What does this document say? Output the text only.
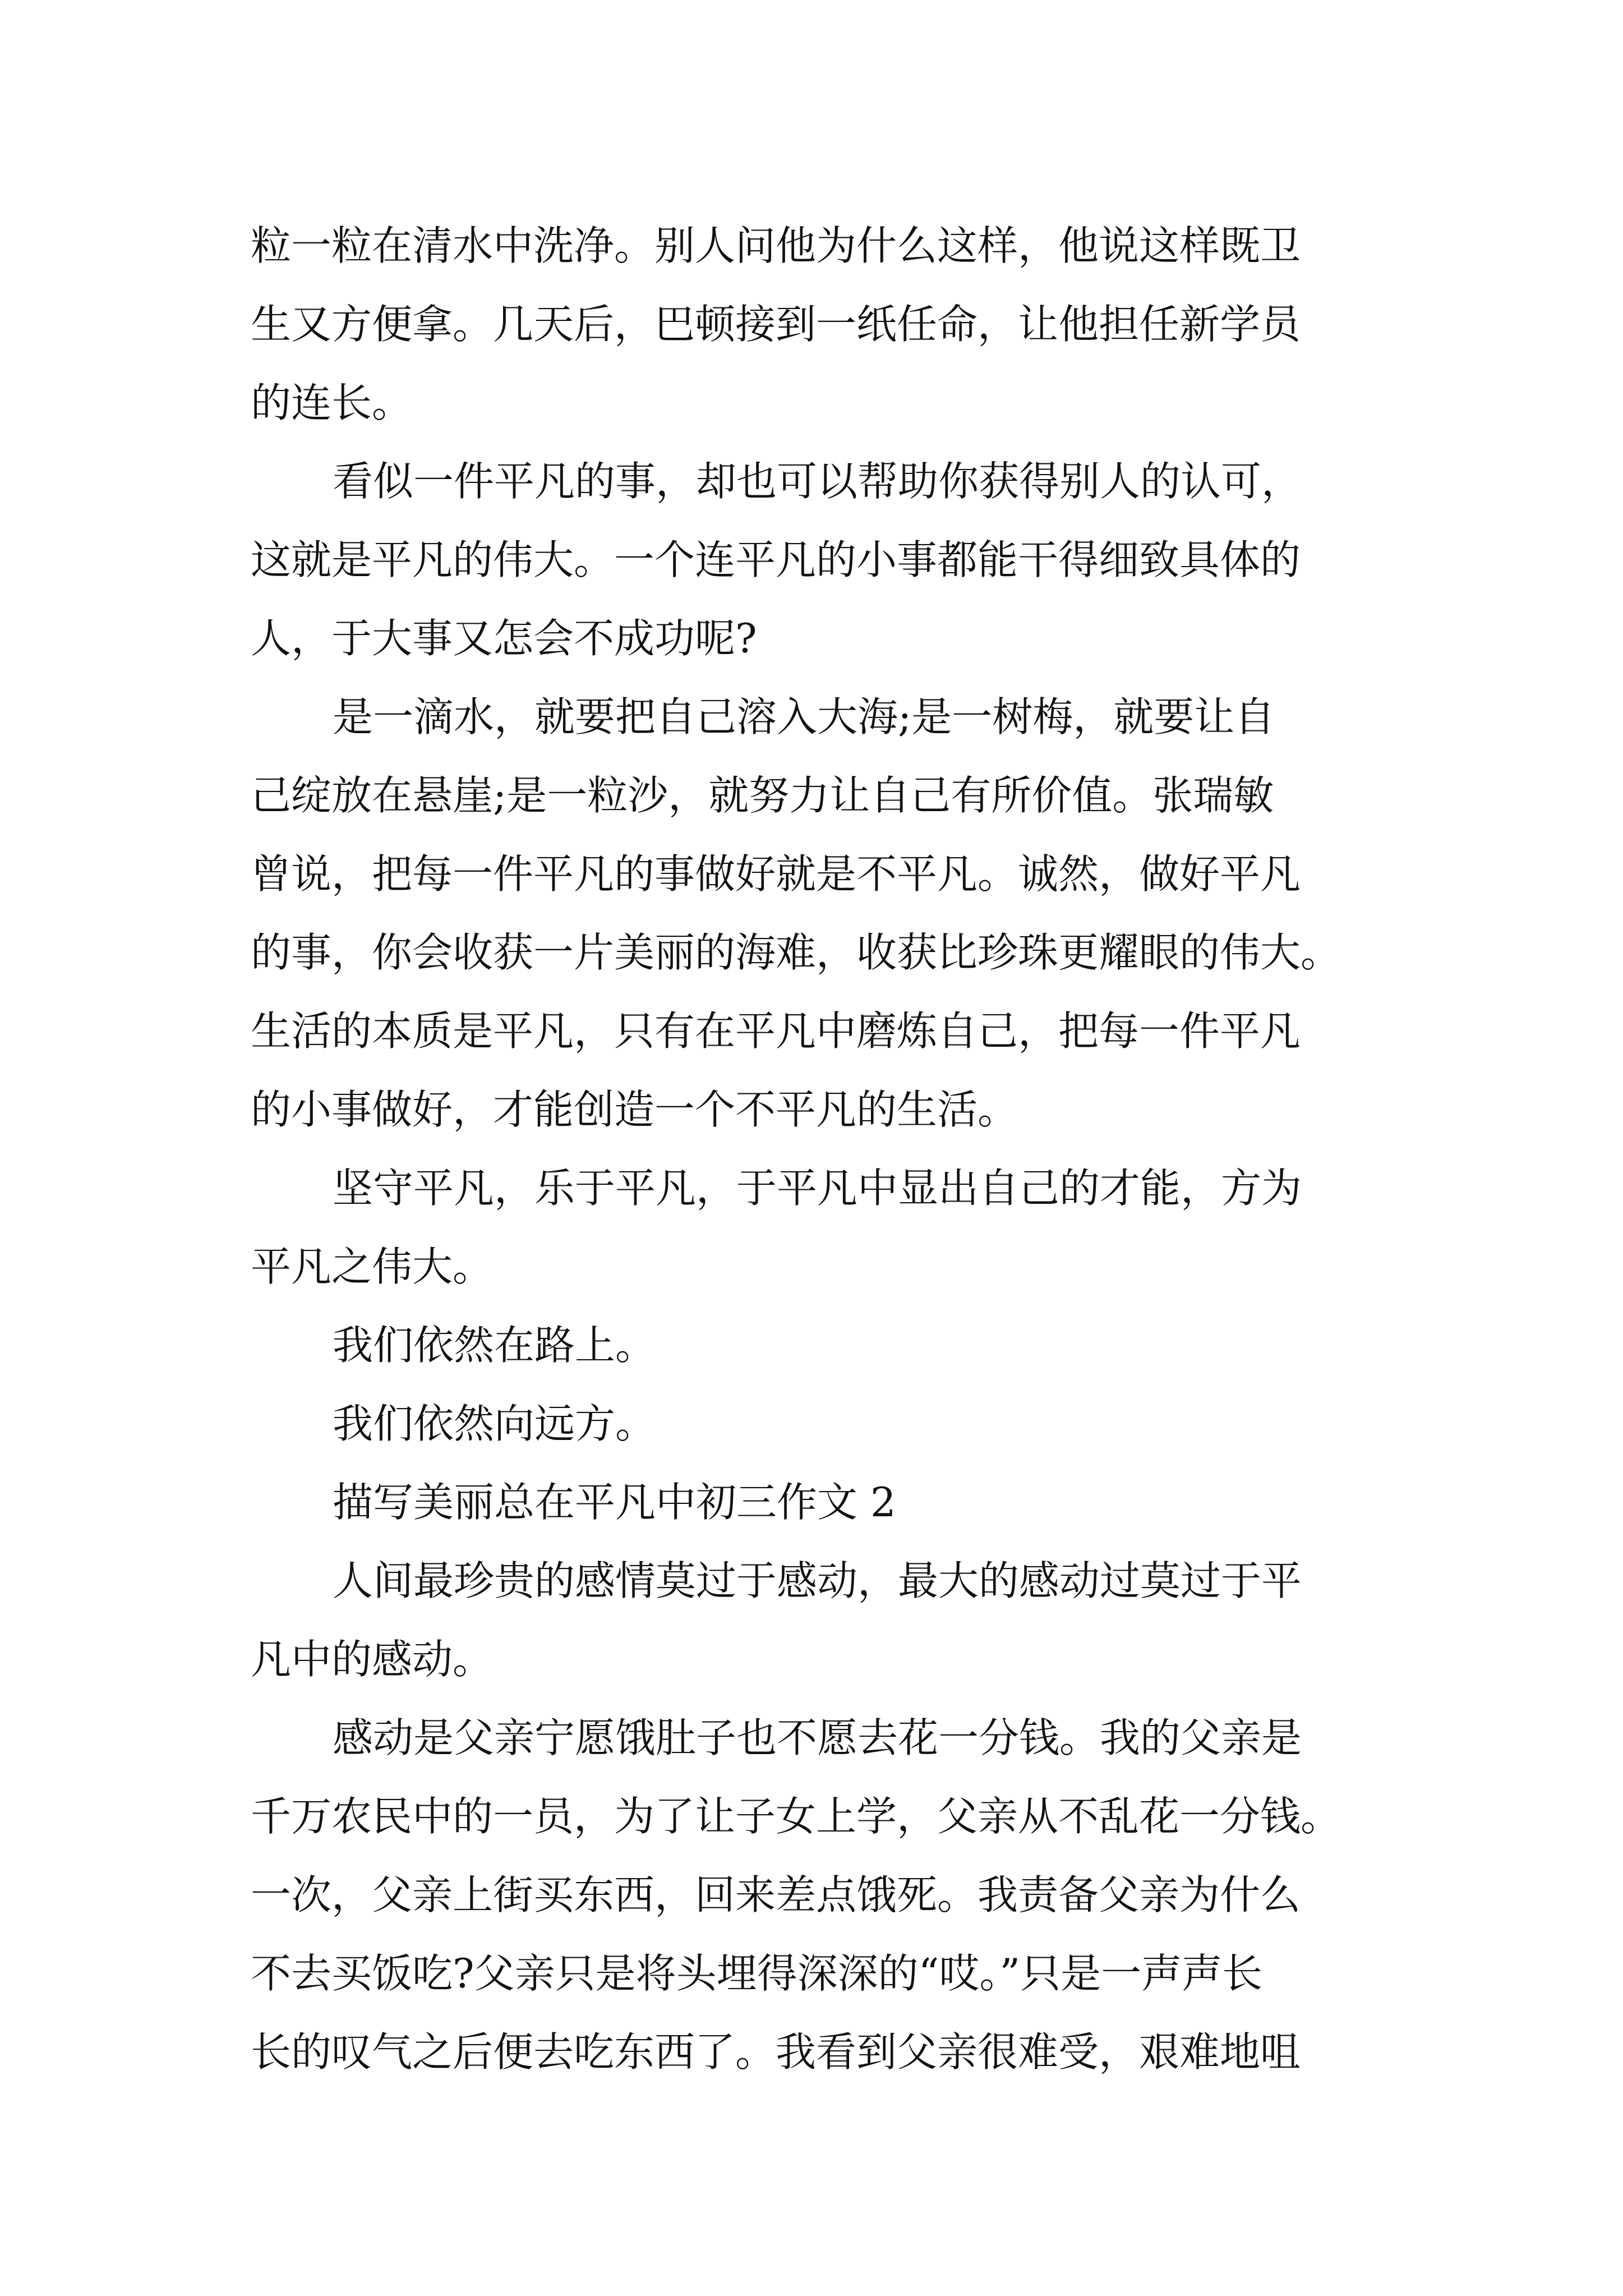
粒一粒在清水中洗净。别人问他为什么这样，他说这样既卫
生又方便拿。几天后，巴顿接到一纸任命，让他担任新学员
的连长。
看似一件平凡的事，却也可以帮助你获得别人的认可，
这就是平凡的伟大。一个连平凡的小事都能干得细致具体的
人，于大事又怎会不成功呢?
是一滴水，就要把自己溶入大海;是一树梅，就要让自
己绽放在悬崖;是一粒沙，就努力让自己有所价值。张瑞敏
曾说，把每一件平凡的事做好就是不平凡。诚然，做好平凡
的事，你会收获一片美丽的海难，收获比珍珠更耀眼的伟大。
生活的本质是平凡，只有在平凡中磨炼自己，把每一件平凡
的小事做好，才能创造一个不平凡的生活。
坚守平凡，乐于平凡，于平凡中显出自己的才能，方为
平凡之伟大。
我们依然在路上。
我们依然向远方。
描写美丽总在平凡中初三作文 2
人间最珍贵的感情莫过于感动，最大的感动过莫过于平
凡中的感动。
感动是父亲宁愿饿肚子也不愿去花一分钱。我的父亲是
千万农民中的一员，为了让子女上学，父亲从不乱花一分钱。
一次，父亲上街买东西，回来差点饿死。我责备父亲为什么
不去买饭吃?父亲只是将头埋得深深的“哎。”只是一声声长
长的叹气之后便去吃东西了。我看到父亲很难受，艰难地咀
